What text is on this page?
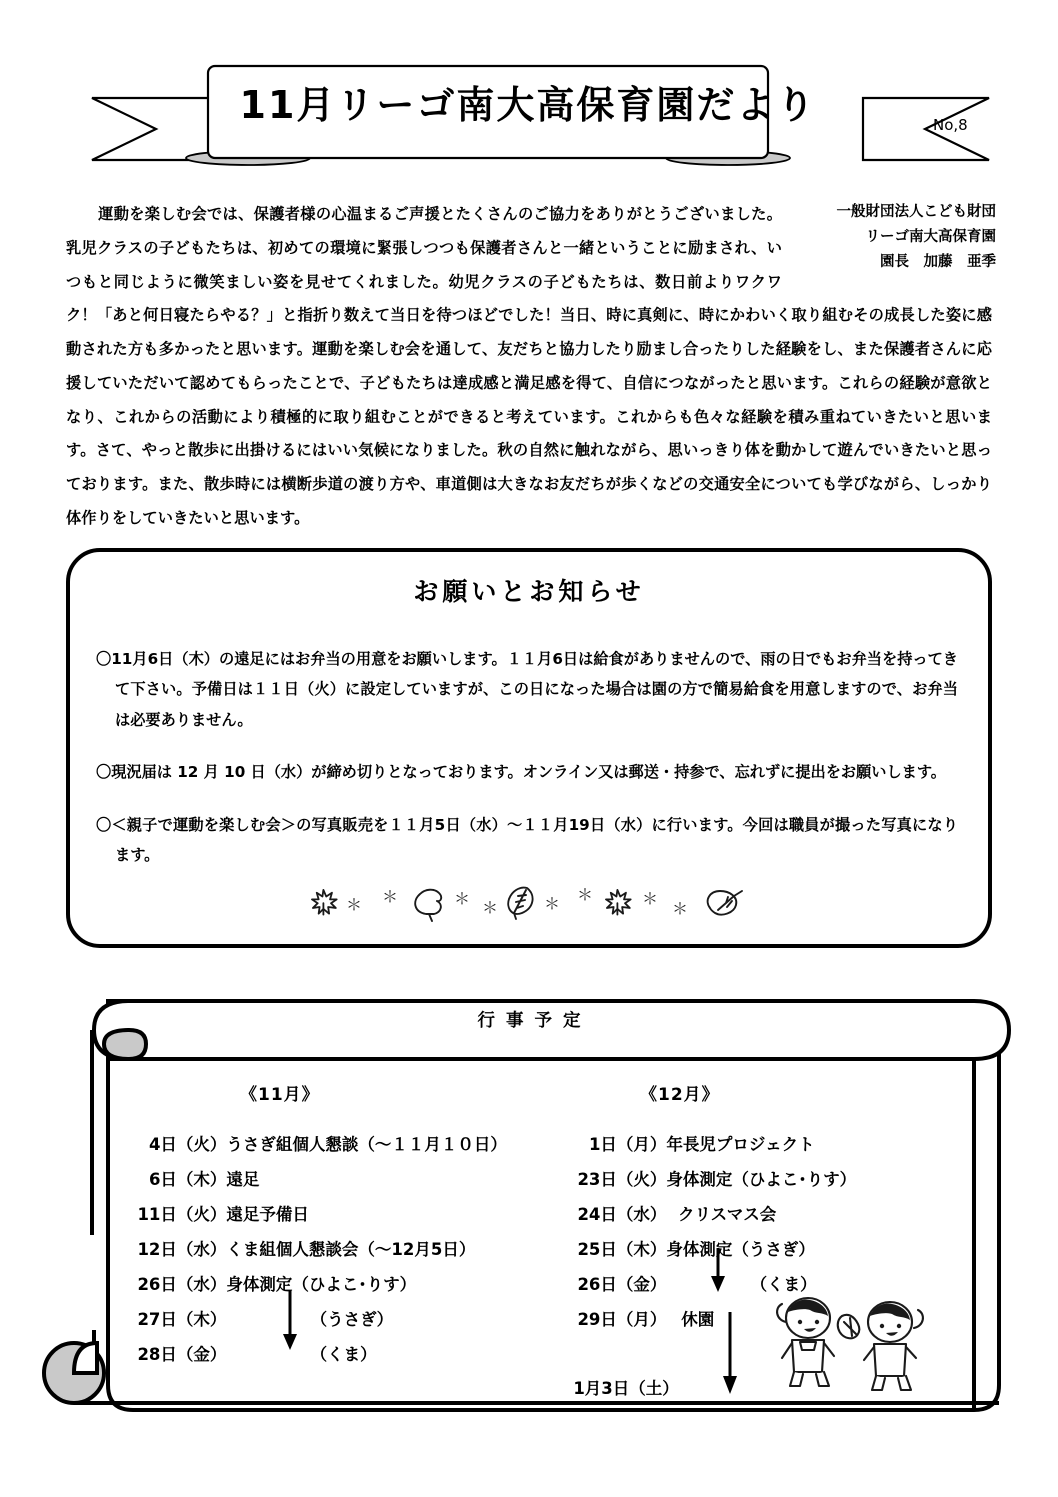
11月リーゴ南大高保育園だより	No,8
一般財団法人こども財団
リーゴ南大高保育園
園長　加藤　亜季
運動を楽しむ会では、保護者様の心温まるご声援とたくさんのご協力をありがとうございました。乳児クラスの子どもたちは、初めての環境に緊張しつつも保護者さんと一緒ということに励まされ、いつもと同じように微笑ましい姿を見せてくれました。幼児クラスの子どもたちは、数日前よりワクワク！「あと何日寝たらやる？」と指折り数えて当日を待つほどでした！当日、時に真剣に、時にかわいく取り組むその成長した姿に感動された方も多かったと思います。運動を楽しむ会を通して、友だちと協力したり励まし合ったりした経験をし、また保護者さんに応援していただいて認めてもらったことで、子どもたちは達成感と満足感を得て、自信につながったと思います。これらの経験が意欲となり、これからの活動により積極的に取り組むことができると考えています。これからも色々な経験を積み重ねていきたいと思います。さて、やっと散歩に出掛けるにはいい気候になりました。秋の自然に触れながら、思いっきり体を動かして遊んでいきたいと思っております。また、散歩時には横断歩道の渡り方や、車道側は大きなお友だちが歩くなどの交通安全についても学びながら、しっかり体作りをしていきたいと思います。
お願いとお知らせ
〇11月6日（木）の遠足にはお弁当の用意をお願いします。１１月6日は給食がありませんので、雨の日でもお弁当を持ってきて下さい。予備日は１１日（火）に設定していますが、この日になった場合は園の方で簡易給食を用意しますので、お弁当は必要ありません。
〇現況届は 12 月 10 日（水）が締め切りとなっております。オンライン又は郵送・持参で、忘れずに提出をお願いします。
〇＜親子で運動を楽しむ会＞の写真販売を１１月5日（水）～１１月19日（水）に行います。今回は職員が撮った写真になります。
＊ ＊	＊ ＊	＊ ＊	＊
＊
行事予定
《11月》	《12月》
4日（火）うさぎ組個人懇談（～１１月１０日）
6日（木）遠足
11日（火）遠足予備日
12日（水）くま組個人懇談会（～12月5日）
26日（水）身体測定（ひよこ･りす）
27日（木）	（うさぎ）
28日（金）	（くま）
1日（月）年長児プロジェクト
23日（火）身体測定（ひよこ･りす）
24日（水） クリスマス会
25日（木）身体測定（うさぎ）
26日（金）	（くま）
29日（月） 休園
1月3日（土）
